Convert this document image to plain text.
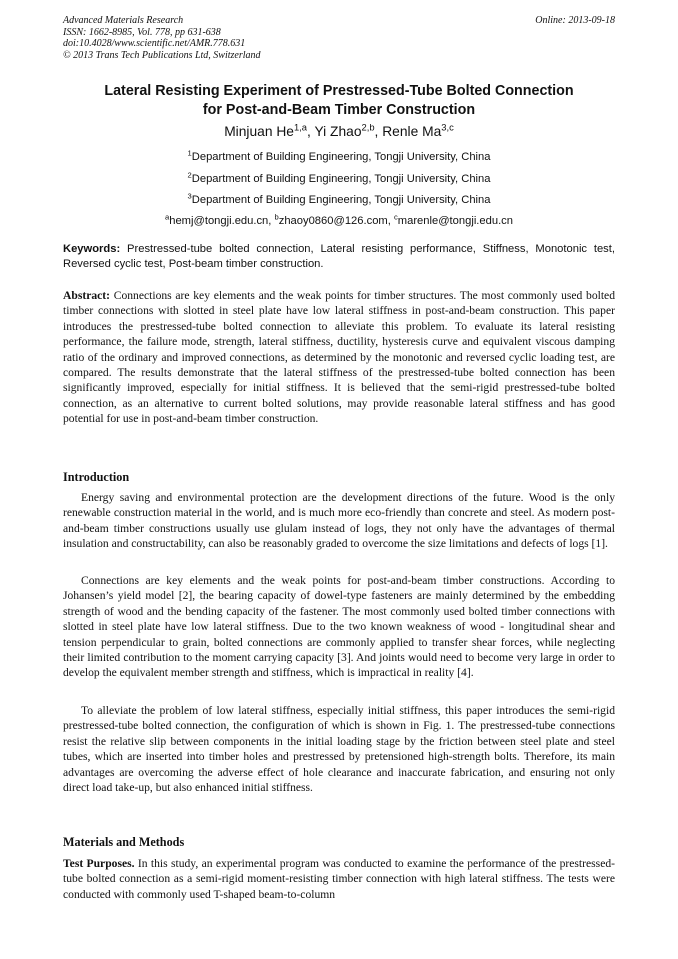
Advanced Materials Research
ISSN: 1662-8985, Vol. 778, pp 631-638
doi:10.4028/www.scientific.net/AMR.778.631
© 2013 Trans Tech Publications Ltd, Switzerland
Online: 2013-09-18
Lateral Resisting Experiment of Prestressed-Tube Bolted Connection
for Post-and-Beam Timber Construction
Minjuan He$^{1,a}$, Yi Zhao$^{2,b}$, Renle Ma$^{3,c}$
$^1$Department of Building Engineering, Tongji University, China
$^2$Department of Building Engineering, Tongji University, China
$^3$Department of Building Engineering, Tongji University, China
$^a$hemj@tongji.edu.cn, $^b$zhaoy0860@126.com, $^c$marenle@tongji.edu.cn
Keywords: Prestressed-tube bolted connection, Lateral resisting performance, Stiffness, Monotonic test, Reversed cyclic test, Post-beam timber construction.
Abstract: Connections are key elements and the weak points for timber structures. The most commonly used bolted timber connections with slotted in steel plate have low lateral stiffness in post-and-beam construction. This paper introduces the prestressed-tube bolted connection to alleviate this problem. To evaluate its lateral resisting performance, the failure mode, strength, lateral stiffness, ductility, hysteresis curve and equivalent viscous damping ratio of the ordinary and improved connections, as determined by the monotonic and reversed cyclic loading test, are compared. The results demonstrate that the lateral stiffness of the prestressed-tube bolted connection has been significantly improved, especially for initial stiffness. It is believed that the semi-rigid prestressed-tube bolted connection, as an alternative to current bolted solutions, may provide reasonable lateral stiffness and has good potential for use in post-and-beam timber construction.
Introduction
Energy saving and environmental protection are the development directions of the future. Wood is the only renewable construction material in the world, and is much more eco-friendly than concrete and steel. As modern post-and-beam timber constructions usually use glulam instead of logs, they not only have the advantages of thermal insulation and constructability, can also be reasonably graded to overcome the size limitations and defects of logs [1].
Connections are key elements and the weak points for post-and-beam timber constructions. According to Johansen’s yield model [2], the bearing capacity of dowel-type fasteners are mainly determined by the embedding strength of wood and the bending capacity of the fastener. The most commonly used bolted timber connections with slotted in steel plate have low lateral stiffness. Due to the two known weakness of wood - longitudinal shear and tension perpendicular to grain, bolted connections are commonly applied to transfer shear forces, while neglecting their limited contribution to the moment carrying capacity [3]. And joints would need to become very large in order to develop the equivalent member strength and stiffness, which is impractical in reality [4].
To alleviate the problem of low lateral stiffness, especially initial stiffness, this paper introduces the semi-rigid prestressed-tube bolted connection, the configuration of which is shown in Fig. 1. The prestressed-tube connections resist the relative slip between components in the initial loading stage by the friction between steel plate and steel tubes, which are inserted into timber holes and prestressed by pretensioned high-strength bolts. Therefore, its main advantages are overcoming the adverse effect of hole clearance and inaccurate fabrication, and ensuring not only direct load take-up, but also enhanced initial stiffness.
Materials and Methods
Test Purposes. In this study, an experimental program was conducted to examine the performance of the prestressed-tube bolted connection as a semi-rigid moment-resisting timber connection with high lateral stiffness. The tests were conducted with commonly used T-shaped beam-to-column
